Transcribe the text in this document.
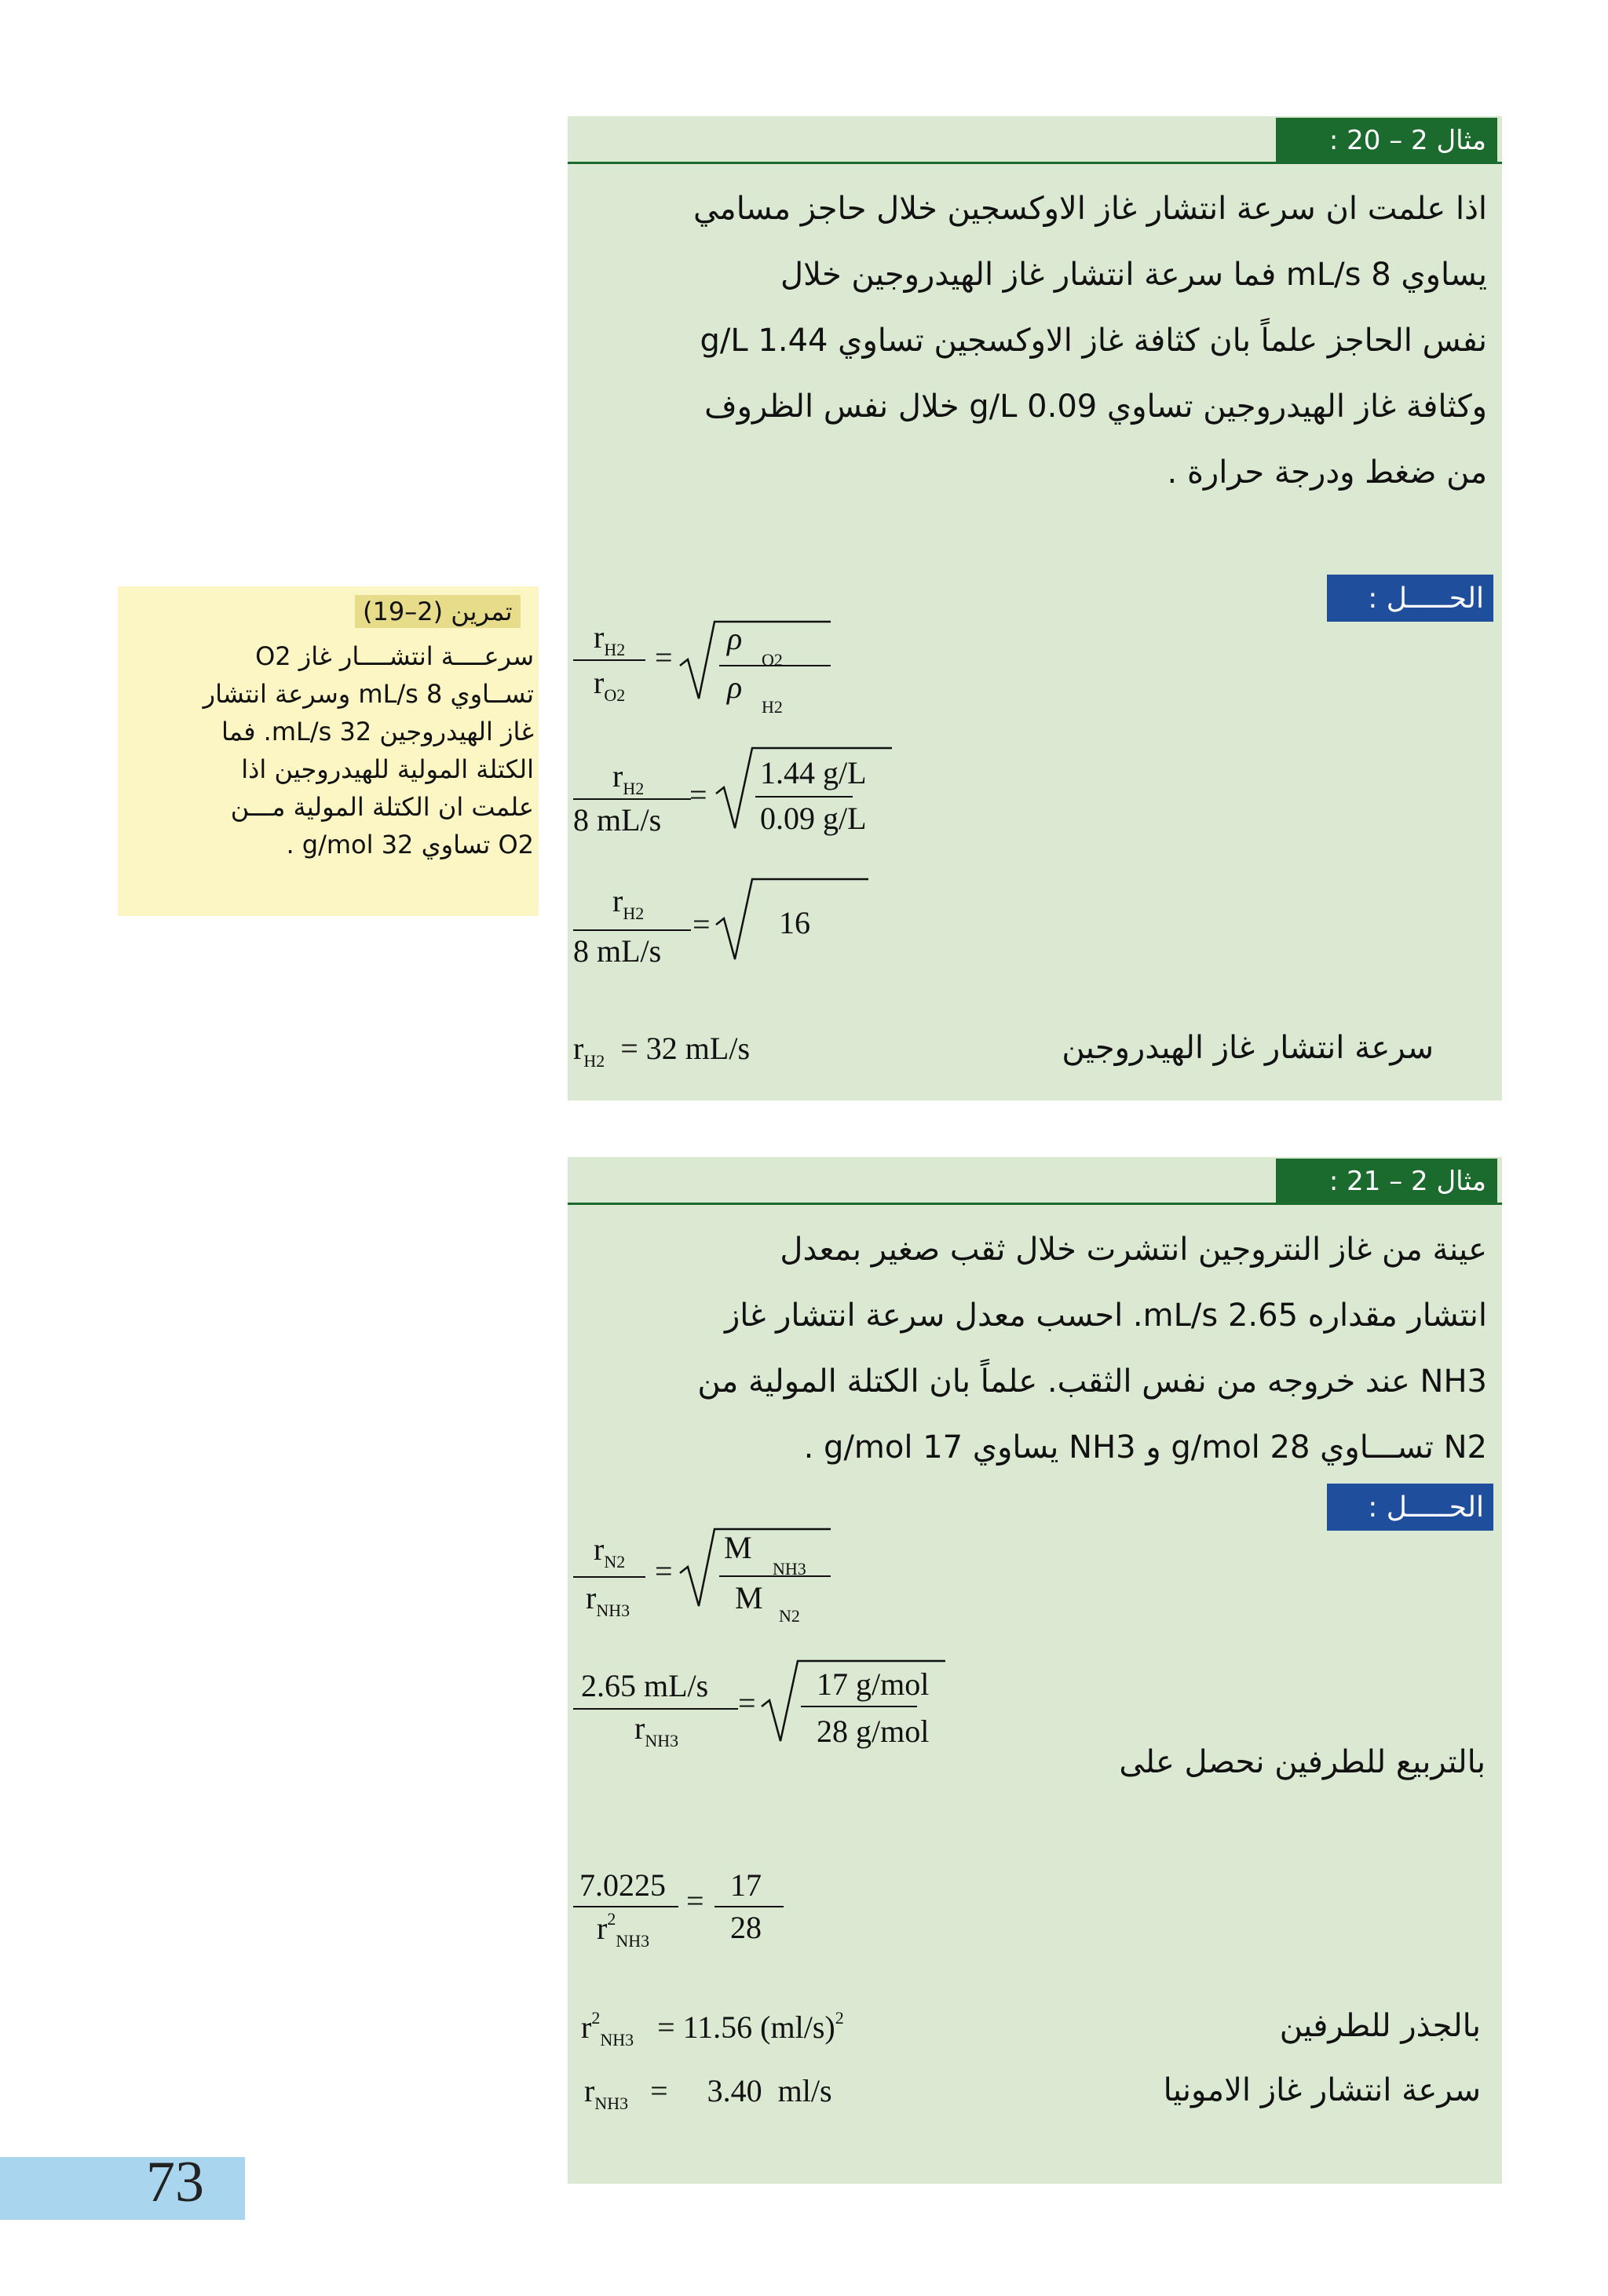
مثال 2 – 20 :
اذا علمت ان سرعة انتشار غاز الاوكسجين خلال حاجز مسامي
يساوي 8 mL/s فما سرعة انتشار غاز الهيدروجين خلال
نفس الحاجز علماً بان كثافة غاز الاوكسجين تساوي 1.44 g/L
وكثافة غاز الهيدروجين تساوي 0.09 g/L خلال نفس الظروف
من ضغط ودرجة حرارة .
الحـــــل :
$r_{H2}$
$r_{O2}$
=
ρ
O2
ρ
H2
$r_{H2}$
8 mL/s
=
1.44 g/L
0.09 g/L
$r_{H2}$
8 mL/s
= 16
$r_{H2} = 32$ mL/s	سرعة انتشار غاز الهيدروجين
تمرين (2–19)
سرعــــة انتشــــار غاز O2
تســاوي 8 mL/s وسرعة انتشار
غاز الهيدروجين 32 mL/s. فما
الكتلة المولية للهيدروجين اذا
علمت ان الكتلة المولية مـــن
O2 تساوي 32 g/mol .
مثال 2 – 21 :
عينة من غاز النتروجين انتشرت خلال ثقب صغير بمعدل
انتشار مقداره 2.65 mL/s. احسب معدل سرعة انتشار غاز
NH3 عند خروجه من نفس الثقب. علماً بان الكتلة المولية من
N2 تســـاوي 28 g/mol و NH3 يساوي 17 g/mol .
الحـــــل :
$r_{N2}$
$r_{NH3}$
=
M
NH3
M
N2
2.65 mL/s
$r_{NH3}$
=
17 g/mol
28 g/mol
بالتربيع للطرفين نحصل على
7.0225
$r^2_{NH3}$
= 17
28
$r^2_{NH3} = 11.56$ $(ml/s)^2$	بالجذر للطرفين
$r_{NH3}$ =     3.40  ml/s	سرعة انتشار غاز الامونيا
73
